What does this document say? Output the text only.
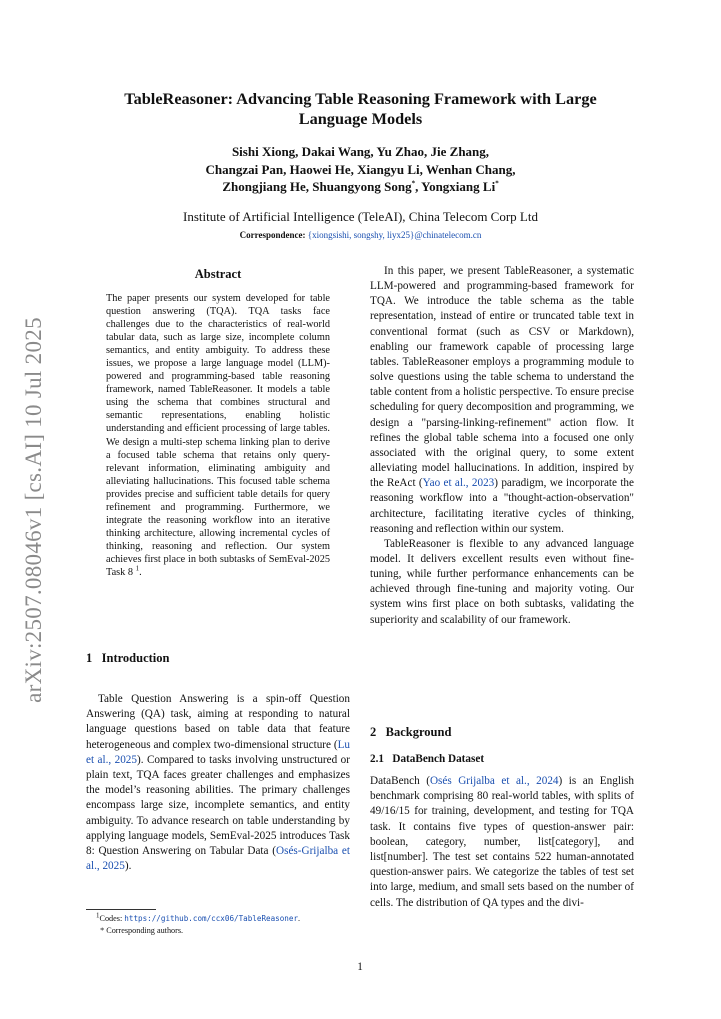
arXiv:2507.08046v1 [cs.AI] 10 Jul 2025
TableReasoner: Advancing Table Reasoning Framework with Large Language Models
Sishi Xiong, Dakai Wang, Yu Zhao, Jie Zhang,
Changzai Pan, Haowei He, Xiangyu Li, Wenhan Chang,
Zhongjiang He, Shuangyong Song*, Yongxiang Li*
Institute of Artificial Intelligence (TeleAI), China Telecom Corp Ltd
Correspondence: {xiongsishi, songshy, liyx25}@chinatelecom.cn
Abstract
The paper presents our system developed for table question answering (TQA). TQA tasks face challenges due to the characteristics of real-world tabular data, such as large size, incomplete column semantics, and entity ambiguity. To address these issues, we propose a large language model (LLM)-powered and programming-based table reasoning framework, named TableReasoner. It models a table using the schema that combines structural and semantic representations, enabling holistic understanding and efficient processing of large tables. We design a multi-step schema linking plan to derive a focused table schema that retains only query-relevant information, eliminating ambiguity and alleviating hallucinations. This focused table schema provides precise and sufficient table details for query refinement and programming. Furthermore, we integrate the reasoning workflow into an iterative thinking architecture, allowing incremental cycles of thinking, reasoning and reflection. Our system achieves first place in both subtasks of SemEval-2025 Task 8 $^1$.
1 Introduction

Table Question Answering is a spin-off Question Answering (QA) task, aiming at responding to natural language questions based on table data that feature heterogeneous and complex two-dimensional structure (Lu et al., 2025). Compared to tasks involving unstructured or plain text, TQA faces greater challenges and emphasizes the model’s reasoning abilities. The primary challenges encompass large size, incomplete semantics, and entity ambiguity. To advance research on table understanding by applying language models, SemEval-2025 introduces Task 8: Question Answering on Tabular Data (Osés-Grijalba et al., 2025).

$^1$Codes: https://github.com/ccx06/TableReasoner.
* Corresponding authors.

In this paper, we present TableReasoner, a systematic LLM-powered and programming-based framework for TQA. We introduce the table schema as the table representation, instead of entire or truncated table text in conventional format (such as CSV or Markdown), enabling our framework capable of processing large tables. TableReasoner employs a programming module to solve questions using the table schema to understand the table content from a holistic perspective. To ensure precise scheduling for query decomposition and programming, we design a "parsing-linking-refinement" action flow. It refines the global table schema into a focused one only associated with the original query, to some extent alleviating model hallucinations. In addition, inspired by the ReAct (Yao et al., 2023) paradigm, we incorporate the reasoning workflow into a "thought-action-observation" architecture, facilitating iterative cycles of thinking, reasoning and reflection within our system.

TableReasoner is flexible to any advanced language model. It delivers excellent results even without fine-tuning, while further performance enhancements can be achieved through fine-tuning and majority voting. Our system wins first place on both subtasks, validating the superiority and scalability of our framework.

2 Background
2.1 DataBench Dataset
DataBench (Osés Grijalba et al., 2024) is an English benchmark comprising 80 real-world tables, with splits of 49/16/15 for training, development, and testing for TQA task. It contains five types of question-answer pair: boolean, category, number, list[category], and list[number]. The test set contains 522 human-annotated question-answer pairs. We categorize the tables of test set into large, medium, and small sets based on the number of cells. The distribution of QA types and the divi-
1
